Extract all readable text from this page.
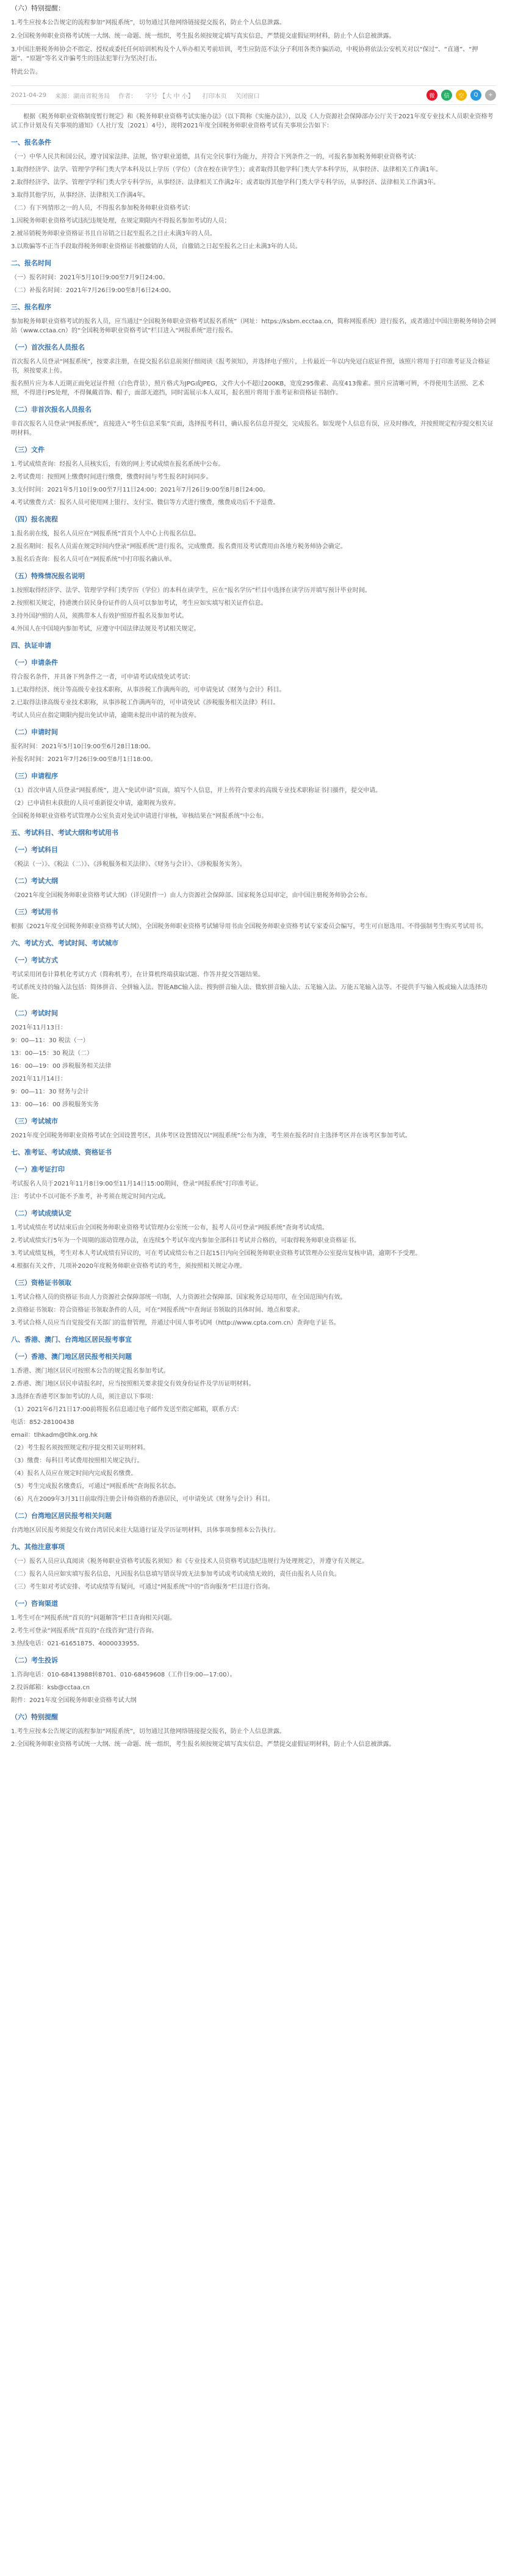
（六）特别提醒：
1.考生应按本公告规定的流程参加“网报系统”，切勿通过其他网络链接提交报名，防止个人信息泄露。
2.全国税务师职业资格考试统一大纲、统一命题、统一组织，考生报名须按规定填写真实信息，严禁提交虚假证明材料，防止个人信息被泄露。
3.中国注册税务师协会不指定、授权或委托任何培训机构及个人举办相关考前培训，考生应防范不法分子利用各类诈骗活动，中税协将依法公安机关对以“保过”、“直通”、“押题”、“原题”等名义诈骗考生的违法犯罪行为坚决打击。
特此公告。
2021-04-29 来源：湖南省税务局 作者： 字号 【大 中 小】 打印本页 关闭窗口	微	信	空	Q	+
根据《税务师职业资格制度暂行规定》和《税务师职业资格考试实施办法》（以下简称《实施办法》），以及《人力资源社会保障部办公厅关于2021年度专业技术人员职业资格考试工作计划及有关事项的通知》（人社厅发〔2021〕4号），现将2021年度全国税务师职业资格考试有关事项公告如下：
一、报名条件
（一）中华人民共和国公民，遵守国家法律、法规，恪守职业道德，具有完全民事行为能力，并符合下列条件之一的，可报名参加税务师职业资格考试：
1.取得经济学、法学、管理学学科门类大学本科及以上学历（学位）（含在校在读学生）；或者取得其他学科门类大学本科学历，从事经济、法律相关工作满1年。
2.取得经济学、法学、管理学学科门类大学专科学历，从事经济、法律相关工作满2年；或者取得其他学科门类大学专科学历，从事经济、法律相关工作满3年。
3.取得其他学历，从事经济、法律相关工作满4年。
（二）有下列情形之一的人员，不得报名参加税务师职业资格考试：
1.因税务师职业资格考试违纪违规处理，在规定期限内不得报名参加考试的人员；
2.被吊销税务师职业资格证书且自吊销之日起至报名之日止未满3年的人员。
3.以欺骗等不正当手段取得税务师职业资格证书被撤销的人员，自撤销之日起至报名之日止未满3年的人员。
二、报名时间
（一）报名时间：2021年5月10日9:00至7月9日24:00。
（二）补报名时间：2021年7月26日9:00至8月6日24:00。
三、报名程序
参加税务师职业资格考试的报名人员，应当通过“全国税务师职业资格考试报名系统”（网址：https://ksbm.ecctaa.cn，简称网报系统）进行报名，或者通过中国注册税务师协会网站（www.cctaa.cn）的“全国税务师职业资格考试”栏目进入“网报系统”进行报名。
（一）首次报名人员报名
首次报名人员登录“网报系统”，按要求注册，在提交报名信息前须仔细阅读《报考须知》，并选择电子照片，上传最近一年以内免冠白底证件照，该照片将用于打印准考证及合格证书，须按要求上传。
报名照片应为本人近期正面免冠证件照（白色背景），照片格式为JPG或JPEG，文件大小不超过200KB，宽度295像素、高度413像素。照片应清晰可辨，不得使用生活照、艺术照，不得进行PS处理，不得佩戴首饰、帽子，面部无遮挡，同时需展示本人双耳，报名照片将用于准考证和资格证书制作。
（二）非首次报名人员报名
非首次报名人员登录“网报系统”，直接进入“考生信息采集”页面，选择报考科目，确认报名信息并提交，完成报名。如发现个人信息有误，应及时修改，并按照规定程序提交相关证明材料。
（三）文件
1.考试成绩查询：经报名人员核实后，有效的网上考试成绩在报名系统中公布。
2.考试费用：按照网上缴费时间进行缴费，缴费时间与考生报名时间同步。
3.支付时间：2021年5月10日9:00至7月11日24:00；2021年7月26日9:00至8月8日24:00。
4.考试缴费方式：报名人员可使用网上银行、支付宝、微信等方式进行缴费，缴费成功后不予退费。
（四）报名流程
1.报名前在线，报名人员应在“网报系统”首页个人中心上传报名信息。
2.报名期间：报名人员需在规定时间内登录“网报系统”进行报名，完成缴费。报名费用及考试费用由各地方税务师协会确定。
3.报名后查询：报名人员可在“网报系统”中打印报名确认单。
（五）特殊情况报名说明
1.按照取得经济学、法学、管理学学科门类学历（学位）的本科在读学生，应在“报名学历”栏目中选择在读学历并填写预计毕业时间。
2.按照相关规定，持港澳台居民身份证件的人员可以参加考试，考生应如实填写相关证件信息。
3.持外国护照的人员，须携带本人有效护照原件报名及参加考试。
4.外国人在中国境内参加考试，应遵守中国法律法规及考试相关规定。
四、执证申请
（一）申请条件
符合报名条件，并具备下列条件之一者，可申请考试成绩免试考试：
1.已取得经济、统计等高级专业技术职称，从事涉税工作满两年的，可申请免试《财务与会计》科目。
2.已取得法律高级专业技术职称，从事涉税工作满两年的，可申请免试《涉税服务相关法律》科目。
考试人员应在指定期限内提出免试申请，逾期未提出申请的视为放弃。
（二）申请时间
报名时间：2021年5月10日9:00至6月28日18:00。
补报名时间：2021年7月26日9:00至8月1日18:00。
（三）申请程序
（1）首次申请人员登录“网报系统”，进入“免试申请”页面，填写个人信息，并上传符合要求的高级专业技术职称证书扫描件，提交申请。
（2）已申请但未获批的人员可重新提交申请，逾期视为放弃。
全国税务师职业资格考试管理办公室负责对免试申请进行审核，审核结果在“网报系统”中公布。
五、考试科目、考试大纲和考试用书
（一）考试科目
《税法（一）》、《税法（二）》、《涉税服务相关法律》、《财务与会计》、《涉税服务实务》。
（二）考试大纲
《2021年度全国税务师职业资格考试大纲》（详见附件一）由人力资源社会保障部、国家税务总局审定，由中国注册税务师协会公布。
（三）考试用书
根据《2021年度全国税务师职业资格考试大纲》，全国税务师职业资格考试辅导用书由全国税务师职业资格考试专家委员会编写，考生可自愿选用。不得强制考生购买考试用书。
六、考试方式、考试时间、考试城市
（一）考试方式
考试采用闭卷计算机化考试方式（简称机考），在计算机终端获取试题、作答并提交答题结果。
考试系统支持的输入法包括：简体拼音、全拼输入法、智能ABC输入法、搜狗拼音输入法、微软拼音输入法、五笔输入法、万能五笔输入法等。不提供手写输入板或输入法选择功能。
（二）考试时间
2021年11月13日：
9：00—11：30 税法（一）
13：00—15：30 税法（二）
16：00—19：00 涉税服务相关法律
2021年11月14日：
9：00—11：30 财务与会计
13：00—16：00 涉税服务实务
（三）考试城市
2021年度全国税务师职业资格考试在全国设置考区，具体考区设置情况以“网报系统”公布为准，考生须在报名时自主选择考区并在该考区参加考试。
七、准考证、考试成绩、资格证书
（一）准考证打印
考试报名人员于2021年11月8日9:00至11月14日15:00期间，登录“网报系统”打印准考证。
注：考试中不以可能不予准考，补考须在规定时间内完成。
（二）考试成绩认定
1.考试成绩在考试结束后由全国税务师职业资格考试管理办公室统一公布，报考人员可登录“网报系统”查询考试成绩。
2.考试成绩实行5年为一个周期的滚动管理办法，在连续5个考试年度内参加全部科目考试并合格的，可取得税务师职业资格证书。
3.考试成绩复核，考生对本人考试成绩有异议的，可在考试成绩公布之日起15日内向全国税务师职业资格考试管理办公室提出复核申请，逾期不予受理。
4.根据有关文件，几项补2020年度税务师职业资格考试的考生，须按照相关规定办理。
（三）资格证书领取
1.考试合格人员的资格证书由人力资源社会保障部统一印制，人力资源社会保障部、国家税务总局用印，在全国范围内有效。
2.资格证书领取：符合资格证书领取条件的人员，可在“网报系统”中查询证书领取的具体时间、地点和要求。
3.考试合格人员应当自觉接受有关部门的监督管理，并通过中国人事考试网（http://www.cpta.com.cn）查询电子证书。
八、香港、澳门、台湾地区居民报考事宜
（一）香港、澳门地区居民报考相关问题
1.香港、澳门地区居民可按照本公告的规定报名参加考试。
2.香港、澳门地区居民申请报名时，应当按照相关要求提交有效身份证件及学历证明材料。
3.选择在香港考区参加考试的人员，须注意以下事项：
（1）2021年6月21日17:00前将报名信息通过电子邮件发送至指定邮箱，联系方式：
电话：852-28100438
email：tlhkadm@tlhk.org.hk
（2）考生报名须按照规定程序提交相关证明材料。
（3）缴费：每科目考试费用按照相关规定执行。
（4）报名人员应在规定时间内完成报名缴费。
（5）考生完成报名缴费后，可通过“网报系统”查询报名状态。
（6）凡在2009年3月31日前取得注册会计师资格的香港居民，可申请免试《财务与会计》科目。
（二）台湾地区居民报考相关问题
台湾地区居民报考须提交有效台湾居民来往大陆通行证及学历证明材料，具体事项参照本公告执行。
九、其他注意事项
（一）报名人员应认真阅读《税务师职业资格考试报名须知》和《专业技术人员资格考试违纪违规行为处理规定》，并遵守有关规定。
（二）报名人员应如实填写报名信息，凡因报名信息填写错误导致无法参加考试或考试成绩无效的，责任由报名人员自负。
（三）考生如对考试安排、考试成绩等有疑问，可通过“网报系统”中的“咨询服务”栏目进行咨询。
（一）咨询渠道
1.考生可在“网报系统”首页的“问题解答”栏目查询相关问题。
2.考生可登录“网报系统”首页的“在线咨询”进行咨询。
3.热线电话：021-61651875、4000033955。
（二）考生投诉
1.咨询电话：010-68413988转8701、010-68459608（工作日9:00—17:00）。
2.投诉邮箱：ksb@cctaa.cn
附件：2021年度全国税务师职业资格考试大纲
（六）特别提醒
1.考生应按本公告规定的流程参加“网报系统”，切勿通过其他网络链接提交报名，防止个人信息泄露。
2.全国税务师职业资格考试统一大纲、统一命题、统一组织，考生报名须按规定填写真实信息，严禁提交虚假证明材料，防止个人信息被泄露。
